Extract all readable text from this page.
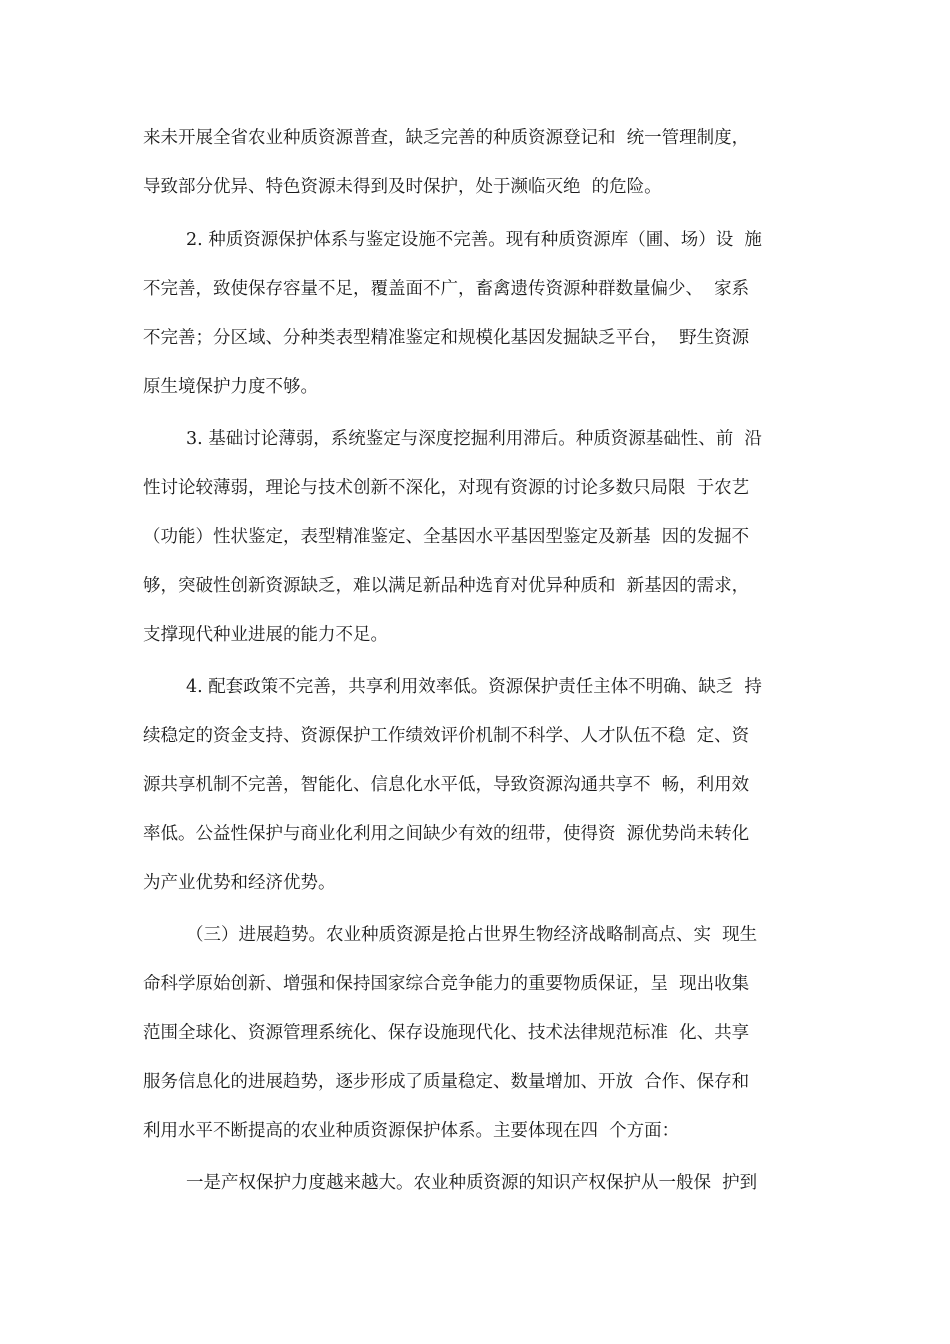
来未开展全省农业种质资源普查，缺乏完善的种质资源登记和  统一管理制度，
导致部分优异、特色资源未得到及时保护，处于濒临灭绝  的危险。
2. 种质资源保护体系与鉴定设施不完善。现有种质资源库（圃、场）设  施
不完善，致使保存容量不足，覆盖面不广，畜禽遗传资源种群数量偏少、  家系
不完善；分区域、分种类表型精准鉴定和规模化基因发掘缺乏平台，  野生资源
原生境保护力度不够。
3. 基础讨论薄弱，系统鉴定与深度挖掘利用滞后。种质资源基础性、前  沿
性讨论较薄弱，理论与技术创新不深化，对现有资源的讨论多数只局限  于农艺
（功能）性状鉴定，表型精准鉴定、全基因水平基因型鉴定及新基  因的发掘不
够，突破性创新资源缺乏，难以满足新品种选育对优异种质和  新基因的需求，
支撑现代种业进展的能力不足。
4. 配套政策不完善，共享利用效率低。资源保护责任主体不明确、缺乏  持
续稳定的资金支持、资源保护工作绩效评价机制不科学、人才队伍不稳  定、资
源共享机制不完善，智能化、信息化水平低，导致资源沟通共享不  畅，利用效
率低。公益性保护与商业化利用之间缺少有效的纽带，使得资  源优势尚未转化
为产业优势和经济优势。
（三）进展趋势。农业种质资源是抢占世界生物经济战略制高点、实  现生
命科学原始创新、增强和保持国家综合竞争能力的重要物质保证，呈  现出收集
范围全球化、资源管理系统化、保存设施现代化、技术法律规范标准  化、共享
服务信息化的进展趋势，逐步形成了质量稳定、数量增加、开放  合作、保存和
利用水平不断提高的农业种质资源保护体系。主要体现在四  个方面：
一是产权保护力度越来越大。农业种质资源的知识产权保护从一般保  护到
